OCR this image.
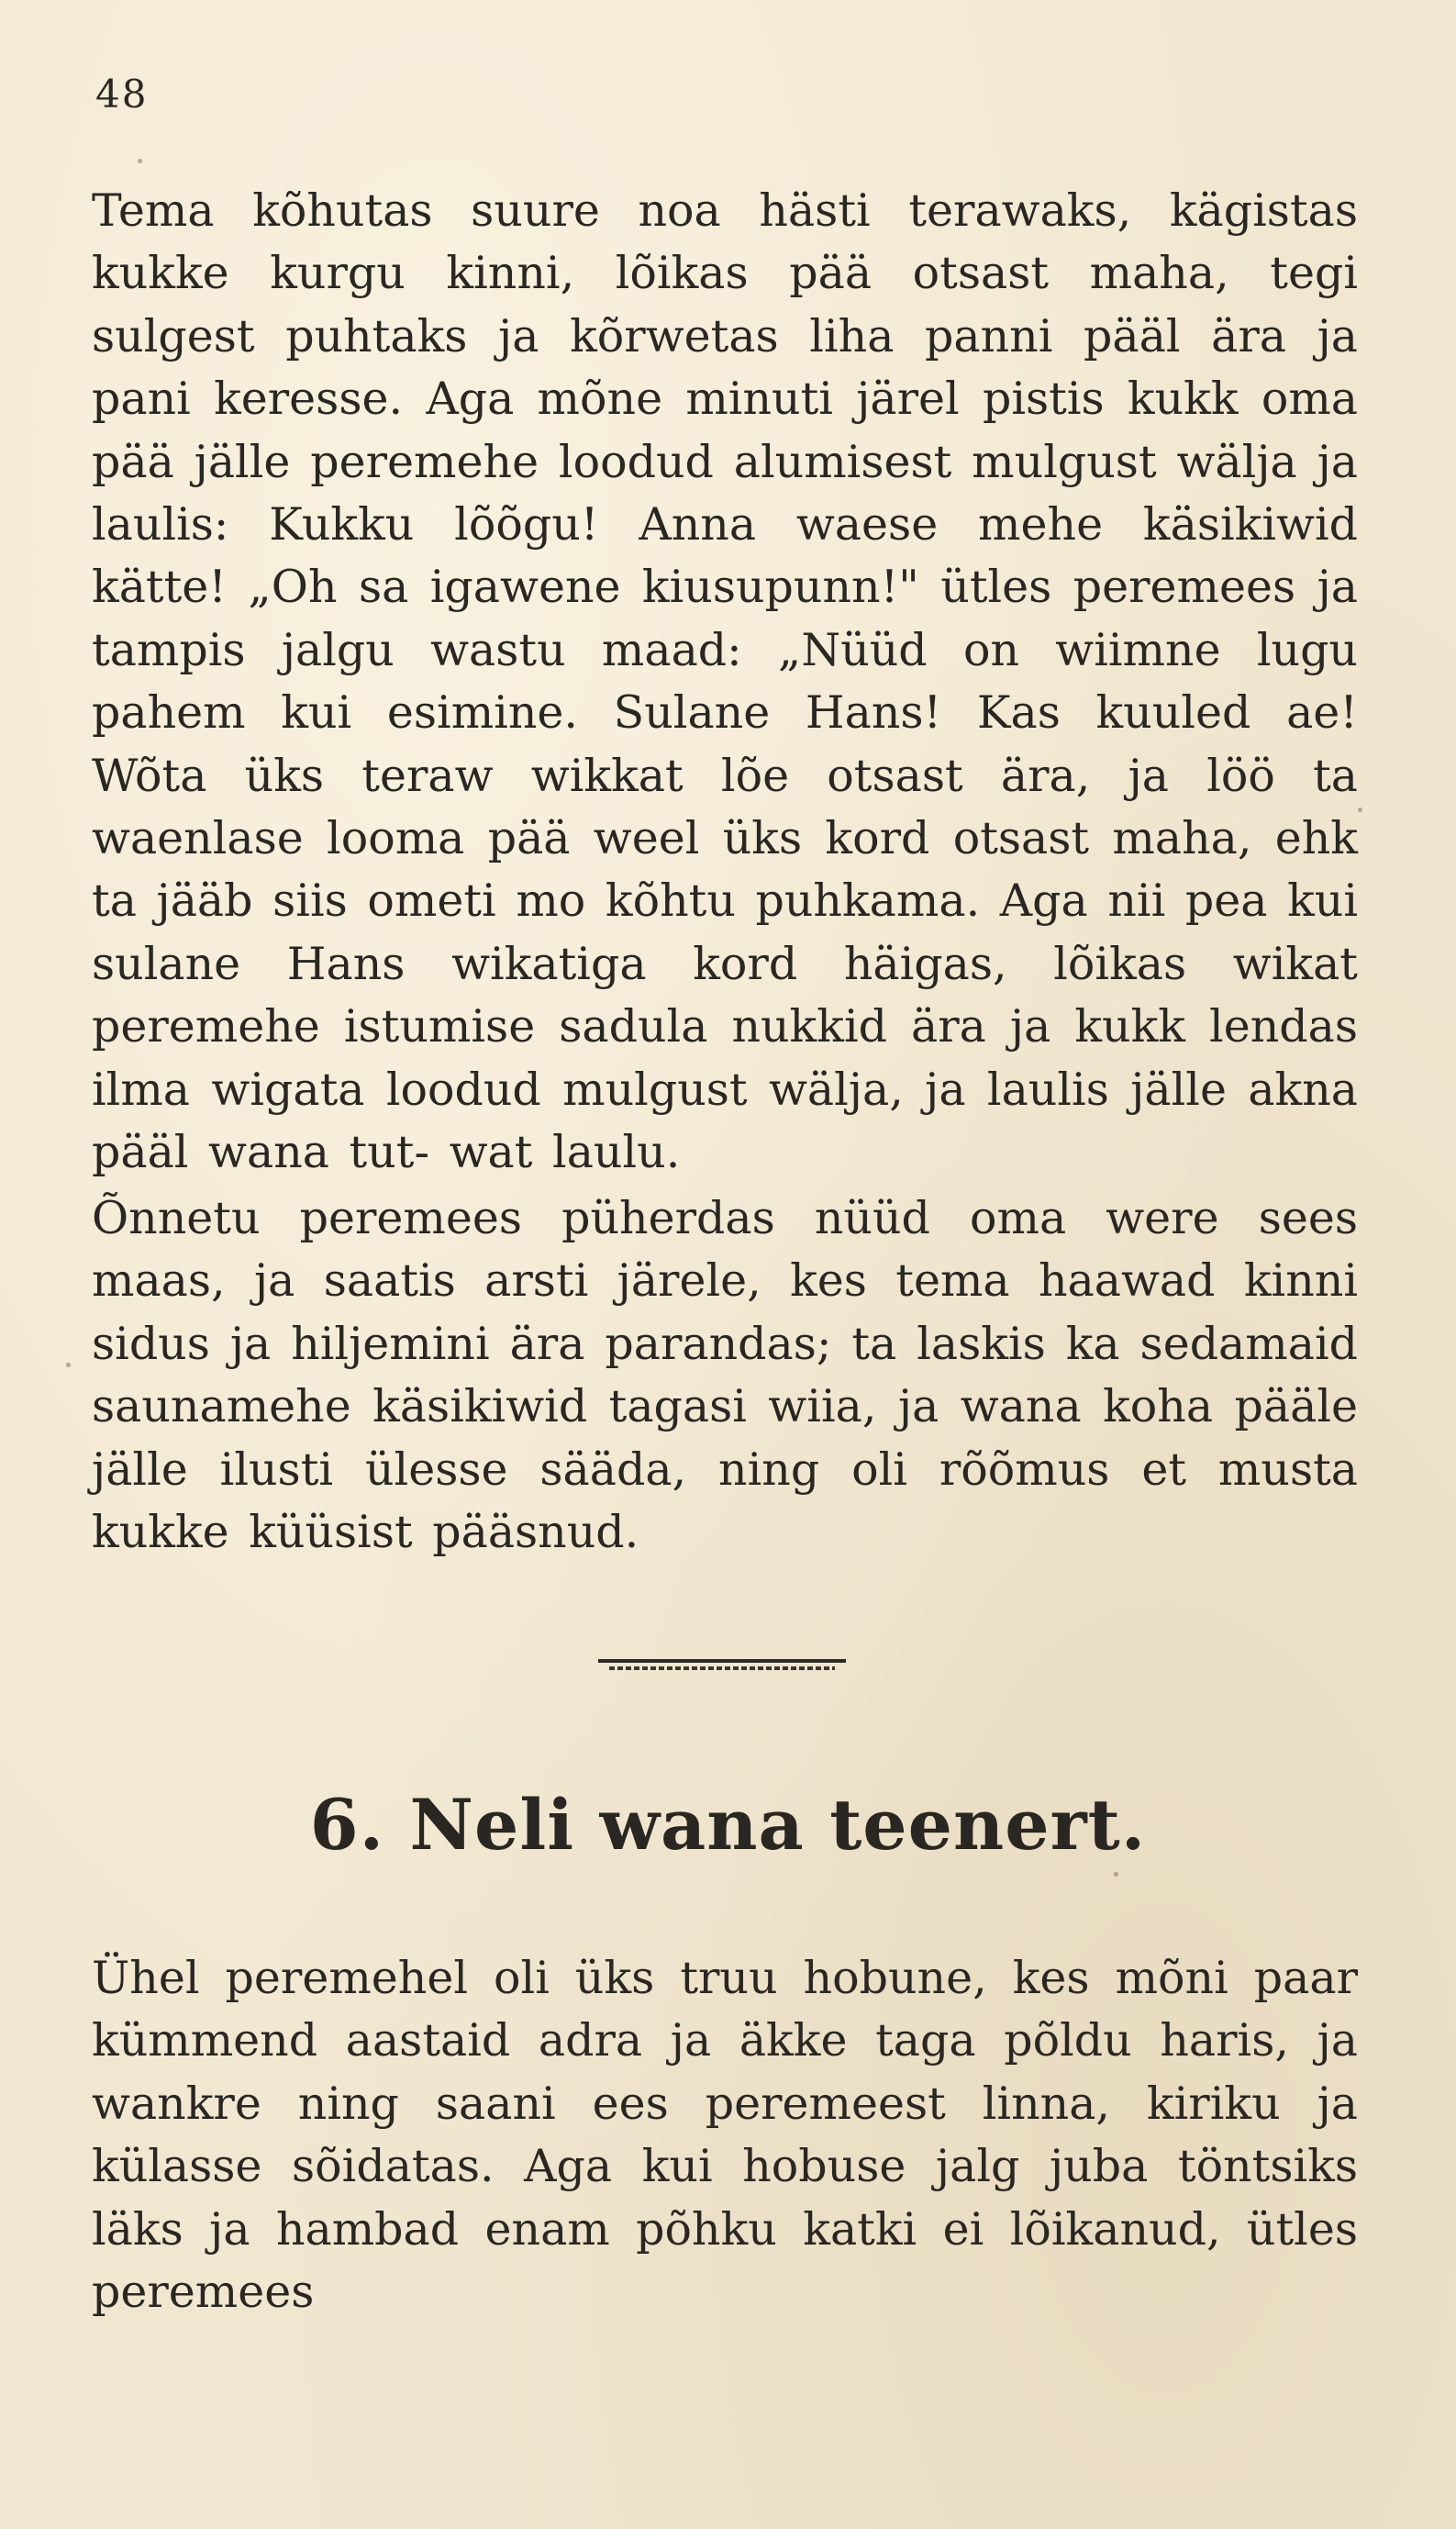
48

Tema kõhutas suure noa hästi terawaks, kägistas kukke kurgu kinni, lõikas pää otsast maha, tegi sulgest puhtaks ja kõrwetas liha panni pääl ära ja pani keresse. Aga mõne minuti järel pistis kukk oma pää jälle peremehe loodud alumisest mulgust wälja ja laulis: Kukku lõõgu! Anna waese mehe käsikiwid kätte! „Oh sa igawene kiusupunn!" ütles peremees ja tampis jalgu wastu maad: „Nüüd on wiimne lugu pahem kui esimine. Sulane Hans! Kas kuuled ae! Wõta üks teraw wikkat lõe otsast ära, ja löö ta waenlase looma pää weel üks kord otsast maha, ehk ta jääb siis ometi mo kõhtu puhkama. Aga nii pea kui sulane Hans wikatiga kord häigas, lõikas wikat peremehe istumise sadula nukkid ära ja kukk lendas ilma wigata loodud mulgust wälja, ja laulis jälle akna pääl wana tut- wat laulu.

Õnnetu peremees püherdas nüüd oma were sees maas, ja saatis arsti järele, kes tema haawad kinni sidus ja hiljemini ära parandas; ta laskis ka sedamaid saunamehe käsikiwid tagasi wiia, ja wana koha pääle jälle ilusti ülesse sääda, ning oli rõõmus et musta kukke küüsist pääsnud.

6. Neli wana teenert.

Ühel peremehel oli üks truu hobune, kes mõni paar kümmend aastaid adra ja äkke taga põldu haris, ja wankre ning saani ees peremeest linna, kiriku ja külasse sõidatas. Aga kui hobuse jalg juba töntsiks läks ja hambad enam põhku katki ei lõikanud, ütles peremees
